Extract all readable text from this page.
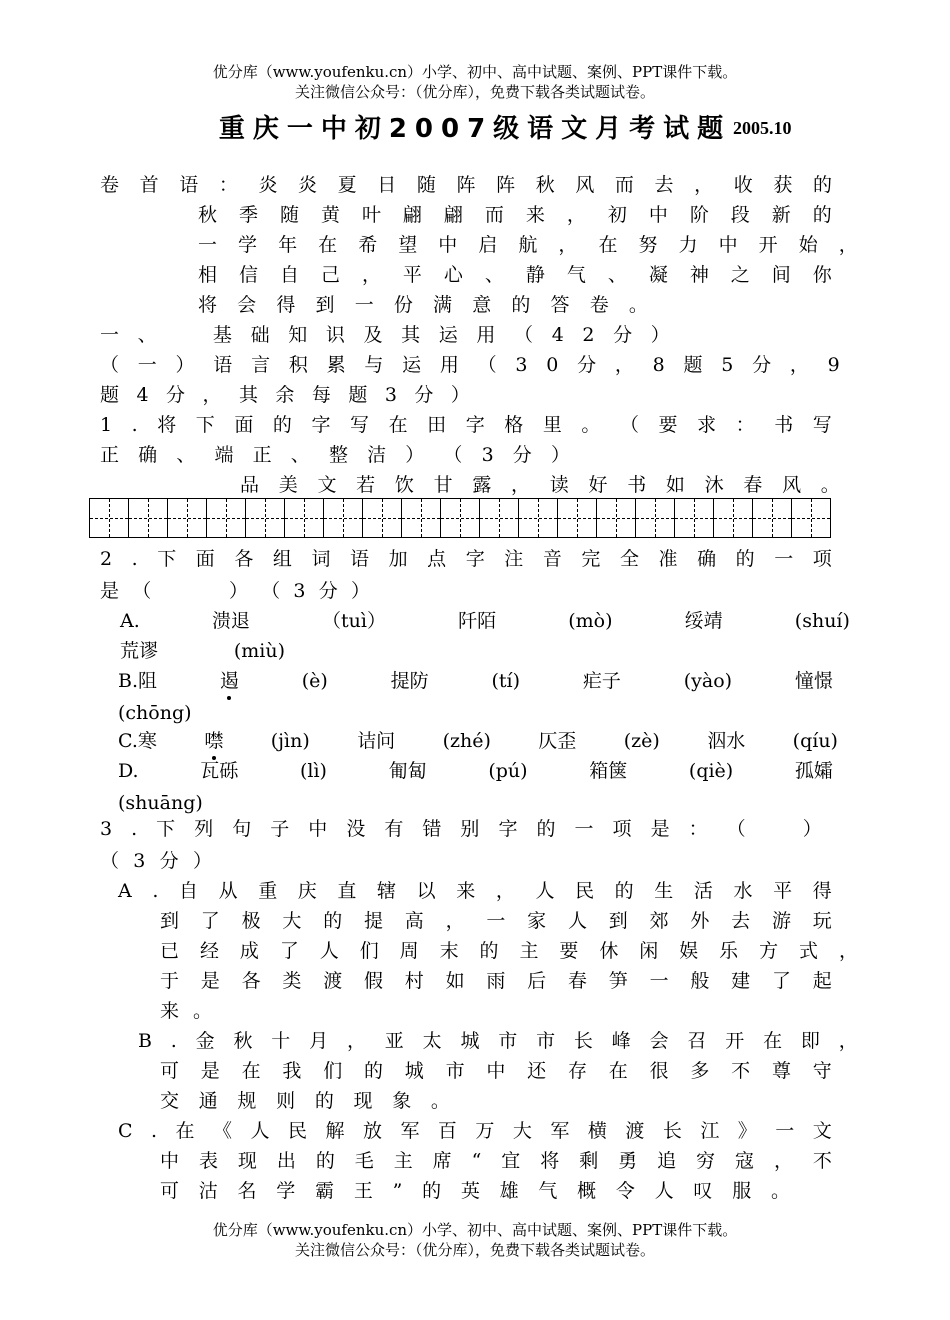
优分库（www.youfenku.cn）小学、初中、高中试题、案例、PPT课件下载。
关注微信公众号：（优分库），免费下载各类试题试卷。
重庆一中初2007级语文月考试题 2005.10
卷 首 语 ： 炎 炎 夏 日 随 阵 阵 秋 风 而 去 ， 收 获 的
秋 季 随 黄 叶 翩 翩 而 来 ， 初 中 阶 段 新 的
一 学 年 在 希 望 中 启 航 ， 在 努 力 中 开 始 ，
相 信 自 己 ， 平 心 、 静 气 、 凝 神 之 间 你
将 会 得 到 一 份 满 意 的 答 卷 。
一 、
　	基 础 知 识 及 其 运 用 （ 4 2 分 ）
（ 一 ） 语 言 积 累 与 运 用 （ 3 0 分 ， 8 题 5 分 ， 9
题 4 分 ， 其 余 每 题 3 分 ）
1 . 将 下 面 的 字 写 在 田 字 格 里 。 （ 要 求 ： 书 写
正 确 、 端 正 、 整 洁 ） （ 3 分 ）
品 美 文 若 饮 甘 露 ， 读 好 书 如 沐 春 风 。
2 . 下 面 各 组 词 语 加 点 字 注 音 完 全 准 确 的 一 项
是 （

　	） （ 3 分 ）
A.	溃退	（tuì）	阡陌	(mò)	绥靖	(shuí)
荒谬	(miù)
B.阻	遏	(è)	提防	(tí)	疟子	(yào)	憧憬
(chōng)
C.寒 噤 (jìn) 诘问 (zhé) 仄歪 (zè) 泅水 (qíu)
D.	瓦砾	(lì)	匍匐	(pú)	箱箧	(qiè)	孤孀
(shuāng)
3 . 下 列 句 子 中 没 有 错 别 字 的 一 项 是 ： （
　	）
（ 3 分 ）
A . 自 从 重 庆 直 辖 以 来 ， 人 民 的 生 活 水 平 得
到 了 极 大 的 提 高 ， 一 家 人 到 郊 外 去 游 玩
已 经 成 了 人 们 周 末 的 主 要 休 闲 娱 乐 方 式 ，
于 是 各 类 渡 假 村 如 雨 后 春 笋 一 般 建 了 起
来 。
B . 金 秋 十 月 ， 亚 太 城 市 市 长 峰 会 召 开 在 即 ，
可 是 在 我 们 的 城 市 中 还 存 在 很 多 不 尊 守
交 通 规 则 的 现 象 。
C . 在 《 人 民 解 放 军 百 万 大 军 横 渡 长 江 》 一 文
中 表 现 出 的 毛 主 席 “ 宜 将 剩 勇 追 穷 寇 ， 不
可 沽 名 学 霸 王 ” 的 英 雄 气 概 令 人 叹 服 。
优分库（www.youfenku.cn）小学、初中、高中试题、案例、PPT课件下载。
关注微信公众号：（优分库），免费下载各类试题试卷。
